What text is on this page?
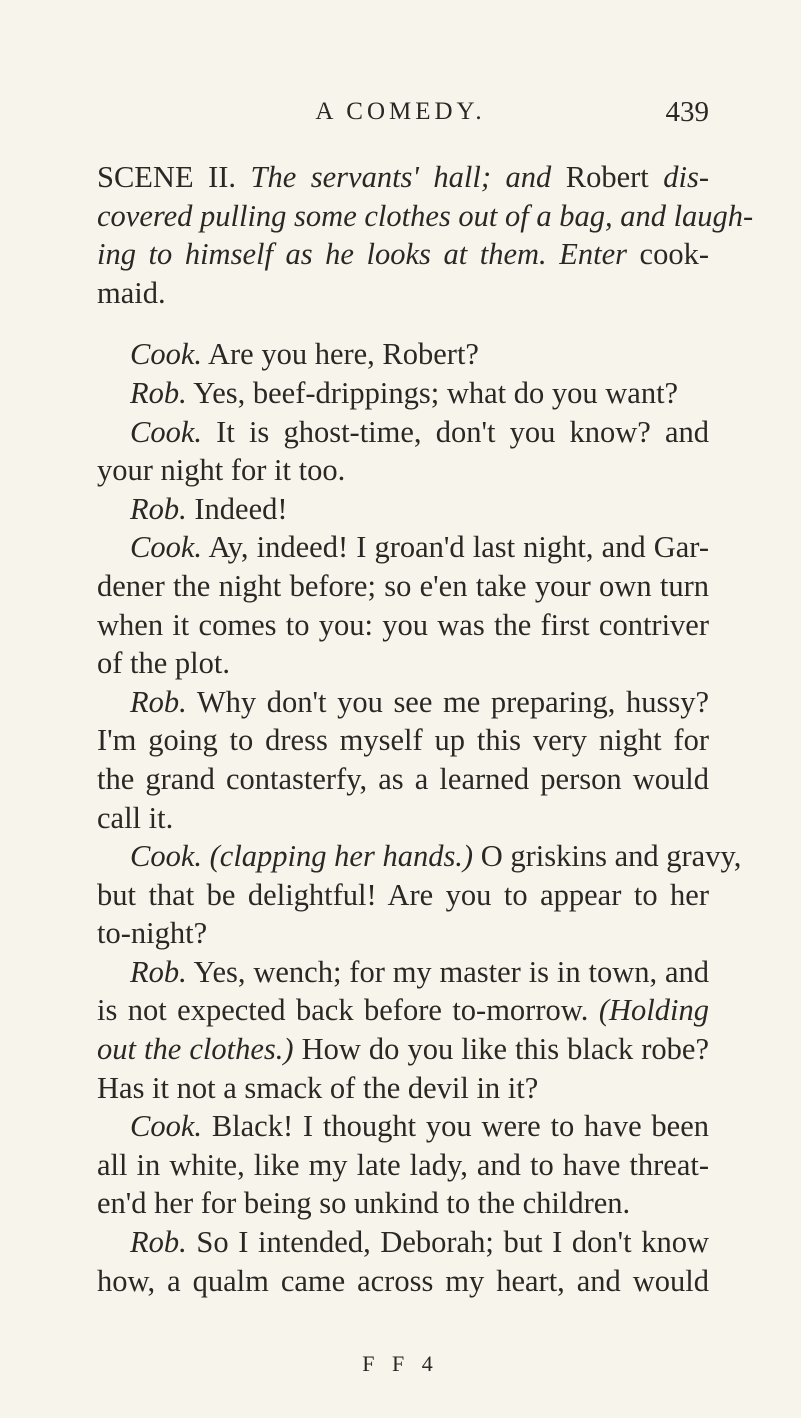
A COMEDY.	439
SCENE II. The servants' hall; and Robert dis-
covered pulling some clothes out of a bag, and laugh-
ing to himself as he looks at them. Enter cook-
maid.
Cook. Are you here, Robert?
Rob. Yes, beef-drippings; what do you want?
Cook. It is ghost-time, don't you know? and
your night for it too.
Rob. Indeed!
Cook. Ay, indeed! I groan'd last night, and Gar-
dener the night before; so e'en take your own turn
when it comes to you: you was the first contriver
of the plot.
Rob. Why don't you see me preparing, hussy?
I'm going to dress myself up this very night for
the grand contasterfy, as a learned person would
call it.
Cook. (clapping her hands.) O griskins and gravy,
but that be delightful! Are you to appear to her
to-night?
Rob. Yes, wench; for my master is in town, and
is not expected back before to-morrow. (Holding
out the clothes.) How do you like this black robe?
Has it not a smack of the devil in it?
Cook. Black! I thought you were to have been
all in white, like my late lady, and to have threat-
en'd her for being so unkind to the children.
Rob. So I intended, Deborah; but I don't know
how, a qualm came across my heart, and would
F F 4
